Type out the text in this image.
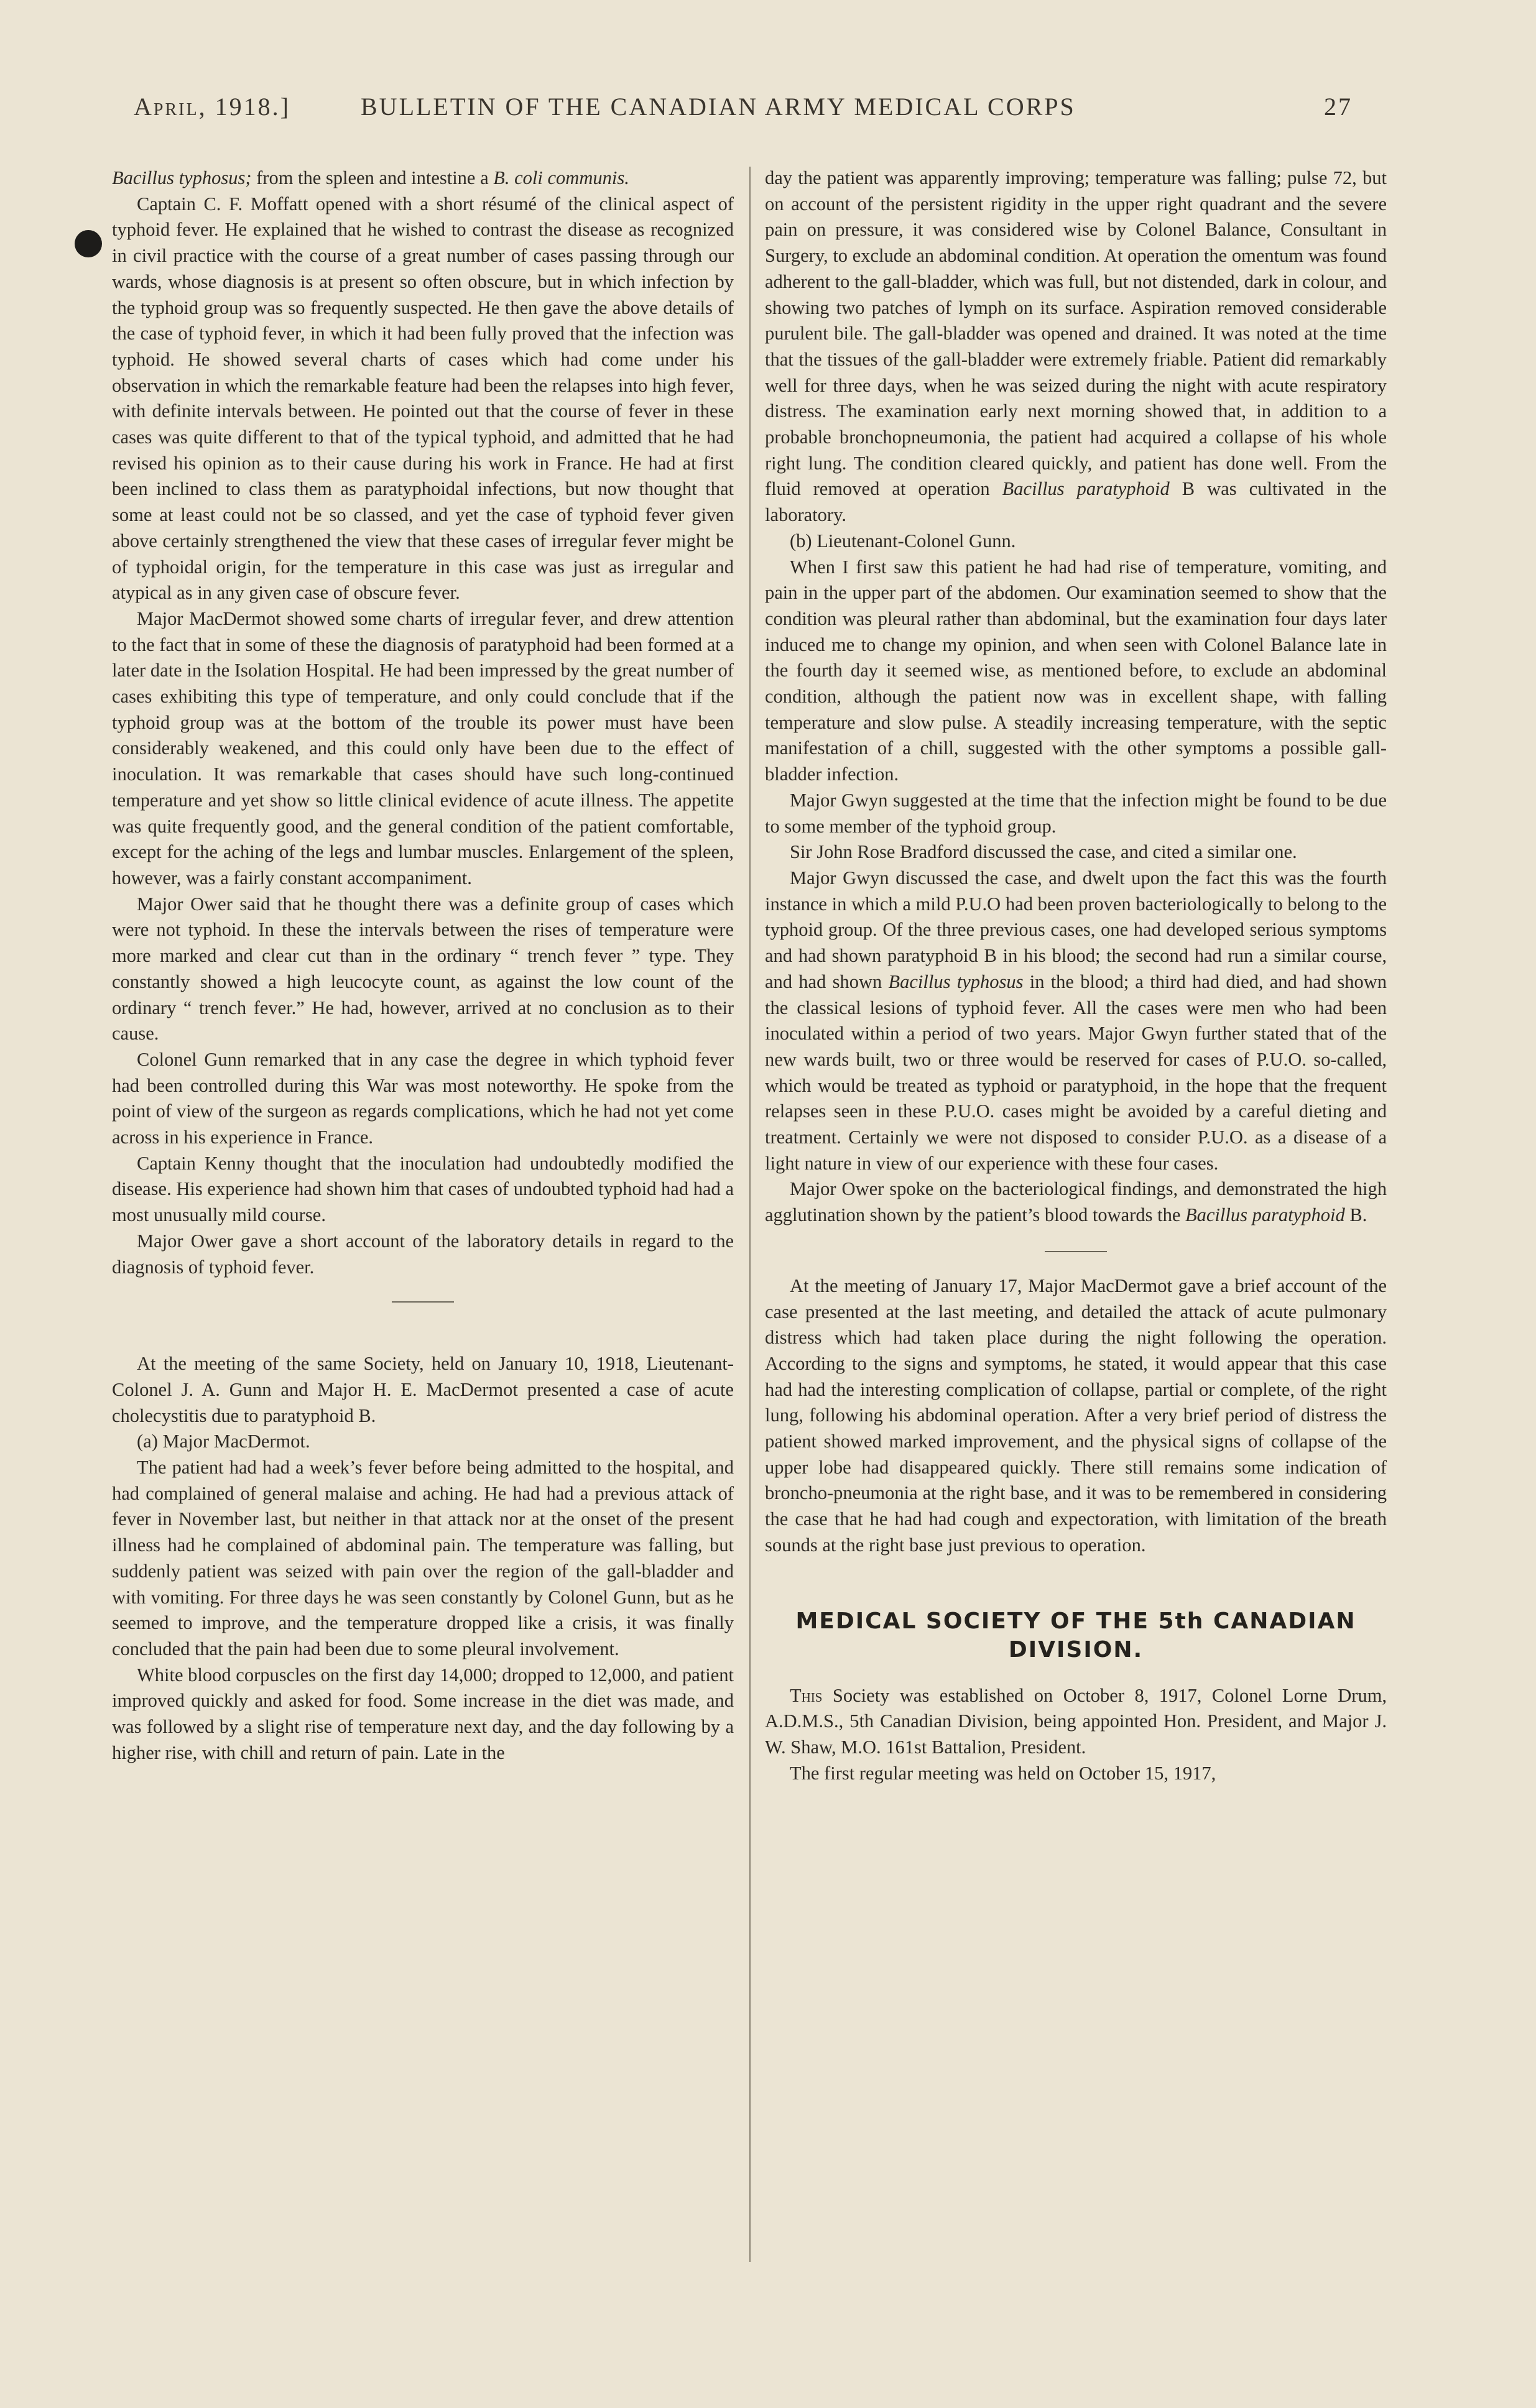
April, 1918.]	BULLETIN OF THE CANADIAN ARMY MEDICAL CORPS	27

Bacillus typhosus; from the spleen and intestine a B. coli communis.

Captain C. F. Moffatt opened with a short résumé of the clinical aspect of typhoid fever. He explained that he wished to contrast the disease as recognized in civil practice with the course of a great number of cases passing through our wards, whose diagnosis is at present so often obscure, but in which infection by the typhoid group was so frequently suspected. He then gave the above details of the case of typhoid fever, in which it had been fully proved that the infection was typhoid. He showed several charts of cases which had come under his observation in which the remarkable feature had been the relapses into high fever, with definite intervals between. He pointed out that the course of fever in these cases was quite different to that of the typical typhoid, and admitted that he had revised his opinion as to their cause during his work in France. He had at first been inclined to class them as paratyphoidal infections, but now thought that some at least could not be so classed, and yet the case of typhoid fever given above certainly strengthened the view that these cases of irregular fever might be of typhoidal origin, for the temperature in this case was just as irregular and atypical as in any given case of obscure fever.

Major MacDermot showed some charts of irregular fever, and drew attention to the fact that in some of these the diagnosis of paratyphoid had been formed at a later date in the Isolation Hospital. He had been impressed by the great number of cases exhibiting this type of temperature, and only could conclude that if the typhoid group was at the bottom of the trouble its power must have been considerably weakened, and this could only have been due to the effect of inoculation. It was remarkable that cases should have such long-continued temperature and yet show so little clinical evidence of acute illness. The appetite was quite frequently good, and the general condition of the patient comfortable, except for the aching of the legs and lumbar muscles. Enlargement of the spleen, however, was a fairly constant accompaniment.

Major Ower said that he thought there was a definite group of cases which were not typhoid. In these the intervals between the rises of temperature were more marked and clear cut than in the ordinary “ trench fever ” type. They constantly showed a high leucocyte count, as against the low count of the ordinary “ trench fever.” He had, however, arrived at no conclusion as to their cause.

Colonel Gunn remarked that in any case the degree in which typhoid fever had been controlled during this War was most noteworthy. He spoke from the point of view of the surgeon as regards complications, which he had not yet come across in his experience in France.

Captain Kenny thought that the inoculation had undoubtedly modified the disease. His experience had shown him that cases of undoubted typhoid had had a most unusually mild course.

Major Ower gave a short account of the laboratory details in regard to the diagnosis of typhoid fever.

At the meeting of the same Society, held on January 10, 1918, Lieutenant-Colonel J. A. Gunn and Major H. E. MacDermot presented a case of acute cholecystitis due to paratyphoid B.

(a) Major MacDermot.

The patient had had a week’s fever before being admitted to the hospital, and had complained of general malaise and aching. He had had a previous attack of fever in November last, but neither in that attack nor at the onset of the present illness had he complained of abdominal pain. The temperature was falling, but suddenly patient was seized with pain over the region of the gall-bladder and with vomiting. For three days he was seen constantly by Colonel Gunn, but as he seemed to improve, and the temperature dropped like a crisis, it was finally concluded that the pain had been due to some pleural involvement.

White blood corpuscles on the first day 14,000; dropped to 12,000, and patient improved quickly and asked for food. Some increase in the diet was made, and was followed by a slight rise of temperature next day, and the day following by a higher rise, with chill and return of pain. Late in the

day the patient was apparently improving; temperature was falling; pulse 72, but on account of the persistent rigidity in the upper right quadrant and the severe pain on pressure, it was considered wise by Colonel Balance, Consultant in Surgery, to exclude an abdominal condition. At operation the omentum was found adherent to the gall-bladder, which was full, but not distended, dark in colour, and showing two patches of lymph on its surface. Aspiration removed considerable purulent bile. The gall-bladder was opened and drained. It was noted at the time that the tissues of the gall-bladder were extremely friable. Patient did remarkably well for three days, when he was seized during the night with acute respiratory distress. The examination early next morning showed that, in addition to a probable bronchopneumonia, the patient had acquired a collapse of his whole right lung. The condition cleared quickly, and patient has done well. From the fluid removed at operation Bacillus paratyphoid B was cultivated in the laboratory.

(b) Lieutenant-Colonel Gunn.

When I first saw this patient he had had rise of temperature, vomiting, and pain in the upper part of the abdomen. Our examination seemed to show that the condition was pleural rather than abdominal, but the examination four days later induced me to change my opinion, and when seen with Colonel Balance late in the fourth day it seemed wise, as mentioned before, to exclude an abdominal condition, although the patient now was in excellent shape, with falling temperature and slow pulse. A steadily increasing temperature, with the septic manifestation of a chill, suggested with the other symptoms a possible gall-bladder infection.

Major Gwyn suggested at the time that the infection might be found to be due to some member of the typhoid group.

Sir John Rose Bradford discussed the case, and cited a similar one.

Major Gwyn discussed the case, and dwelt upon the fact this was the fourth instance in which a mild P.U.O had been proven bacteriologically to belong to the typhoid group. Of the three previous cases, one had developed serious symptoms and had shown paratyphoid B in his blood; the second had run a similar course, and had shown Bacillus typhosus in the blood; a third had died, and had shown the classical lesions of typhoid fever. All the cases were men who had been inoculated within a period of two years. Major Gwyn further stated that of the new wards built, two or three would be reserved for cases of P.U.O. so-called, which would be treated as typhoid or paratyphoid, in the hope that the frequent relapses seen in these P.U.O. cases might be avoided by a careful dieting and treatment. Certainly we were not disposed to consider P.U.O. as a disease of a light nature in view of our experience with these four cases.

Major Ower spoke on the bacteriological findings, and demonstrated the high agglutination shown by the patient’s blood towards the Bacillus paratyphoid B.

At the meeting of January 17, Major MacDermot gave a brief account of the case presented at the last meeting, and detailed the attack of acute pulmonary distress which had taken place during the night following the operation. According to the signs and symptoms, he stated, it would appear that this case had had the interesting complication of collapse, partial or complete, of the right lung, following his abdominal operation. After a very brief period of distress the patient showed marked improvement, and the physical signs of collapse of the upper lobe had disappeared quickly. There still remains some indication of broncho-pneumonia at the right base, and it was to be remembered in considering the case that he had had cough and expectoration, with limitation of the breath sounds at the right base just previous to operation.

MEDICAL SOCIETY OF THE 5th CANADIAN DIVISION.

This Society was established on October 8, 1917, Colonel Lorne Drum, A.D.M.S., 5th Canadian Division, being appointed Hon. President, and Major J. W. Shaw, M.O. 161st Battalion, President.

The first regular meeting was held on October 15, 1917,
